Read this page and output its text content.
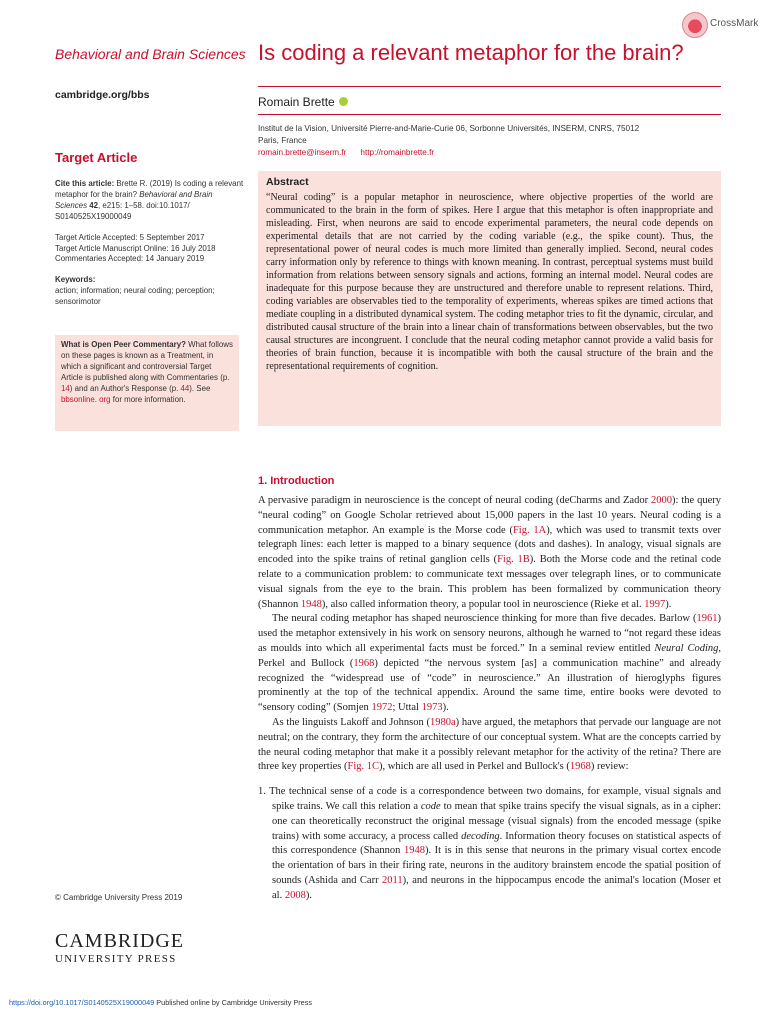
CrossMark
Behavioral and Brain Sciences Is coding a relevant metaphor for the brain?
cambridge.org/bbs	Romain Brette
Institut de la Vision, Université Pierre-and-Marie-Curie 06, Sorbonne Universités, INSERM, CNRS, 75012
Paris, France
romain.brette@inserm.fr http://romainbrette.fr
Target Article

Cite this article: Brette R. (2019) Is coding a relevant metaphor for the brain? Behavioral and Brain Sciences 42, e215: 1–58. doi:10.1017/ S0140525X19000049

Target Article Accepted: 5 September 2017
Target Article Manuscript Online: 16 July 2018
Commentaries Accepted: 14 January 2019

Keywords:
action; information; neural coding; perception; sensorimotor

What is Open Peer Commentary? What follows on these pages is known as a Treatment, in which a significant and controversial Target Article is published along with Commentaries (p. 14) and an Author's Response (p. 44). See bbsonline. org for more information.
Abstract
“Neural coding” is a popular metaphor in neuroscience, where objective properties of the world are communicated to the brain in the form of spikes. Here I argue that this metaphor is often inappropriate and misleading. First, when neurons are said to encode experimental parameters, the neural code depends on experimental details that are not carried by the coding variable (e.g., the spike count). Thus, the representational power of neural codes is much more limited than generally implied. Second, neural codes carry information only by reference to things with known meaning. In contrast, perceptual systems must build information from relations between sensory signals and actions, forming an internal model. Neural codes are inadequate for this purpose because they are unstructured and therefore unable to represent relations. Third, coding variables are observables tied to the temporality of experiments, whereas spikes are timed actions that mediate coupling in a distributed dynamical system. The coding metaphor tries to fit the dynamic, circular, and distributed causal structure of the brain into a linear chain of transformations between observables, but the two causal structures are incongruent. I conclude that the neural coding metaphor cannot provide a valid basis for theories of brain function, because it is incompatible with both the causal structure of the brain and the representational requirements of cognition.
1. Introduction

A pervasive paradigm in neuroscience is the concept of neural coding (deCharms and Zador 2000): the query “neural coding” on Google Scholar retrieved about 15,000 papers in the last 10 years. Neural coding is a communication metaphor. An example is the Morse code (Fig. 1A), which was used to transmit texts over telegraph lines: each letter is mapped to a binary sequence (dots and dashes). In analogy, visual signals are encoded into the spike trains of retinal ganglion cells (Fig. 1B). Both the Morse code and the retinal code relate to a communication problem: to communicate text messages over telegraph lines, or to communicate visual signals from the eye to the brain. This problem has been formalized by communication theory (Shannon 1948), also called information theory, a popular tool in neuroscience (Rieke et al. 1997).

The neural coding metaphor has shaped neuroscience thinking for more than five decades. Barlow (1961) used the metaphor extensively in his work on sensory neurons, although he warned to “not regard these ideas as moulds into which all experimental facts must be forced.” In a seminal review entitled Neural Coding, Perkel and Bullock (1968) depicted “the nervous system [as] a communication machine” and already recognized the “widespread use of “code” in neuroscience.” An illustration of hieroglyphs figures prominently at the top of the technical appendix. Around the same time, entire books were devoted to “sensory coding” (Somjen 1972; Uttal 1973).

As the linguists Lakoff and Johnson (1980a) have argued, the metaphors that pervade our language are not neutral; on the contrary, they form the architecture of our conceptual system. What are the concepts carried by the neural coding metaphor that make it a possibly relevant metaphor for the activity of the retina? There are three key properties (Fig. 1C), which are all used in Perkel and Bullock's (1968) review:

1. The technical sense of a code is a correspondence between two domains, for example, visual signals and spike trains. We call this relation a code to mean that spike trains specify the visual signals, as in a cipher: one can theoretically reconstruct the original message (visual signals) from the encoded message (spike trains) with some accuracy, a process called decoding. Information theory focuses on statistical aspects of this correspondence (Shannon 1948). It is in this sense that neurons in the primary visual cortex encode the orientation of bars in their firing rate, neurons in the auditory brainstem encode the spatial position of sounds (Ashida and Carr 2011), and neurons in the hippocampus encode the animal's location (Moser et al. 2008).

© Cambridge University Press 2019
CAMBRIDGE
UNIVERSITY PRESS
https://doi.org/10.1017/S0140525X19000049 Published online by Cambridge University Press
